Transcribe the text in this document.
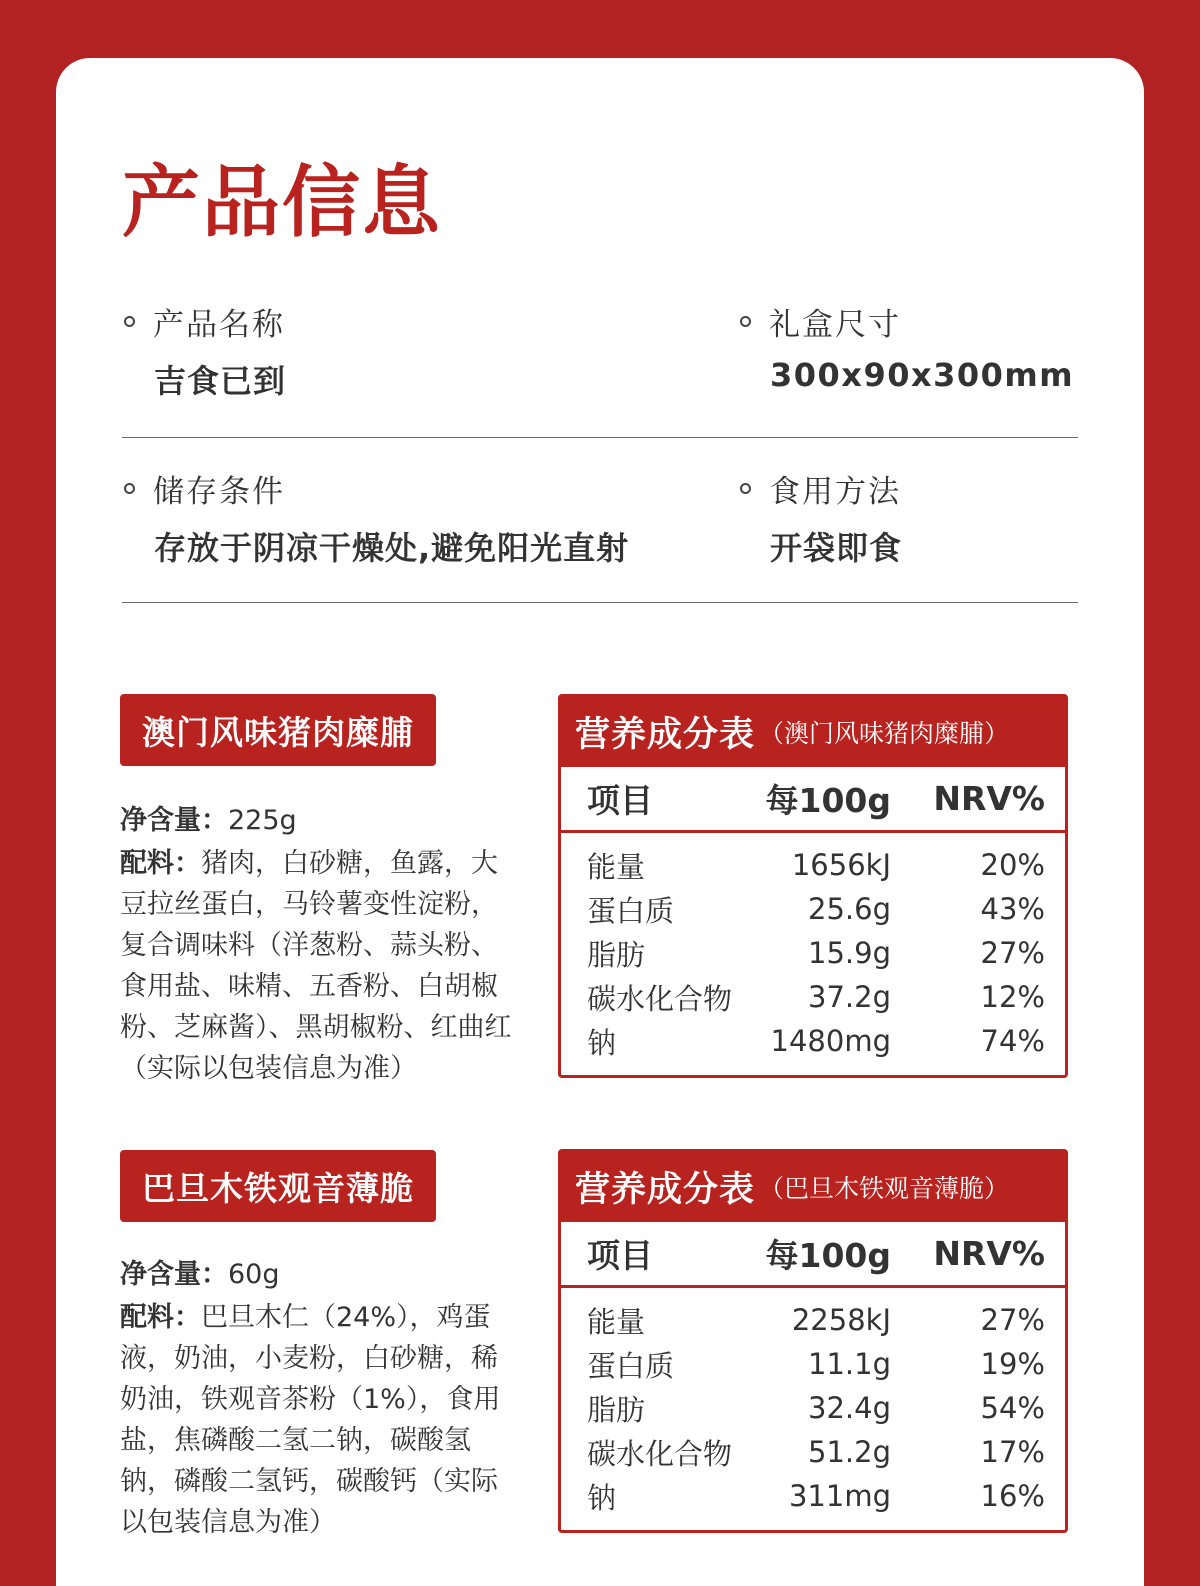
产品信息
产品名称
吉食已到
礼盒尺寸
300x90x300mm
储存条件
存放于阴凉干燥处,避免阳光直射
食用方法
开袋即食
澳门风味猪肉糜脯
净含量：225g
配料：猪肉，白砂糖，鱼露，大豆拉丝蛋白，马铃薯变性淀粉，复合调味料（洋葱粉、蒜头粉、食用盐、味精、五香粉、白胡椒粉、芝麻酱）、黑胡椒粉、红曲红（实际以包装信息为准）
营养成分表 （澳门风味猪肉糜脯）
项目	每100g	NRV%
能量	1656kJ	20%
蛋白质	25.6g	43%
脂肪	15.9g	27%
碳水化合物	37.2g	12%
钠	1480mg	74%
巴旦木铁观音薄脆
净含量：60g
配料：巴旦木仁（24%），鸡蛋液，奶油，小麦粉，白砂糖，稀奶油，铁观音茶粉（1%），食用盐，焦磷酸二氢二钠，碳酸氢钠，磷酸二氢钙，碳酸钙（实际以包装信息为准）
营养成分表 （巴旦木铁观音薄脆）
项目	每100g	NRV%
能量	2258kJ	27%
蛋白质	11.1g	19%
脂肪	32.4g	54%
碳水化合物	51.2g	17%
钠	311mg	16%
